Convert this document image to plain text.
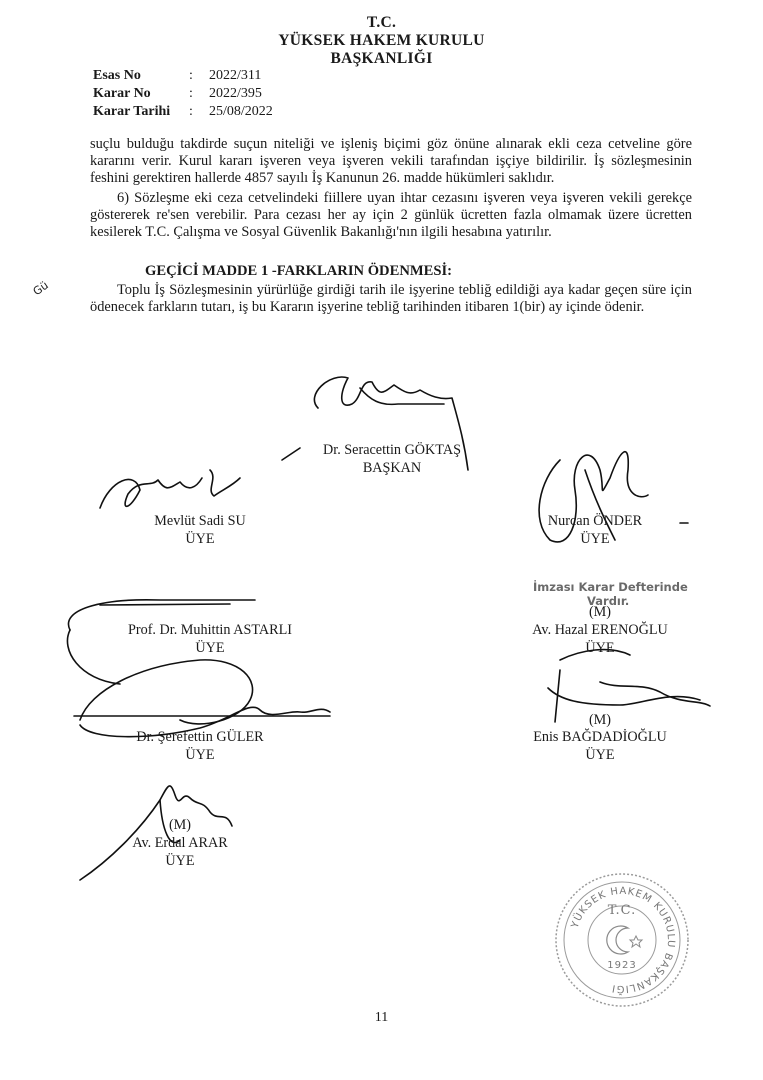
T.C.
YÜKSEK HAKEM KURULU
BAŞKANLIĞI
Esas No	: 2022/311
Karar No	: 2022/395
Karar Tarihi : 25/08/2022

suçlu bulduğu takdirde suçun niteliği ve işleniş biçimi göz önüne alınarak ekli ceza cetveline göre kararını verir. Kurul kararı işveren veya işveren vekili tarafından işçiye bildirilir. İş sözleşmesinin feshini gerektiren hallerde 4857 sayılı İş Kanunun 26. madde hükümleri saklıdır.

6) Sözleşme eki ceza cetvelindeki fiillere uyan ihtar cezasını işveren veya işveren vekili gerekçe göstererek re'sen verebilir. Para cezası her ay için 2 günlük ücretten fazla olmamak üzere ücretten kesilerek T.C. Çalışma ve Sosyal Güvenlik Bakanlığı'nın ilgili hesabına yatırılır.

GEÇİCİ MADDE 1 -FARKLARIN ÖDENMESİ:

Toplu İş Sözleşmesinin yürürlüğe girdiği tarih ile işyerine tebliğ edildiği aya kadar geçen süre için ödenecek farkların tutarı, iş bu Kararın işyerine tebliğ tarihinden itibaren 1(bir) ay içinde ödenir.

Gü
Dr. Seracettin GÖKTAŞ
BAŞKAN
Mevlüt Sadi SU
ÜYE
Nurcan ÖNDER
ÜYE
İmzası Karar Defterinde
Vardır.
Prof. Dr. Muhittin ASTARLI
ÜYE
(M)
Av. Hazal ERENOĞLU
ÜYE
Dr. Şerefettin GÜLER
ÜYE
(M)
Enis BAĞDADİOĞLU
ÜYE
(M)
Av. Erdal ARAR
ÜYE
T.C.
YÜKSEK HAKEM KURULU BAŞKANLIĞI
1923
11
